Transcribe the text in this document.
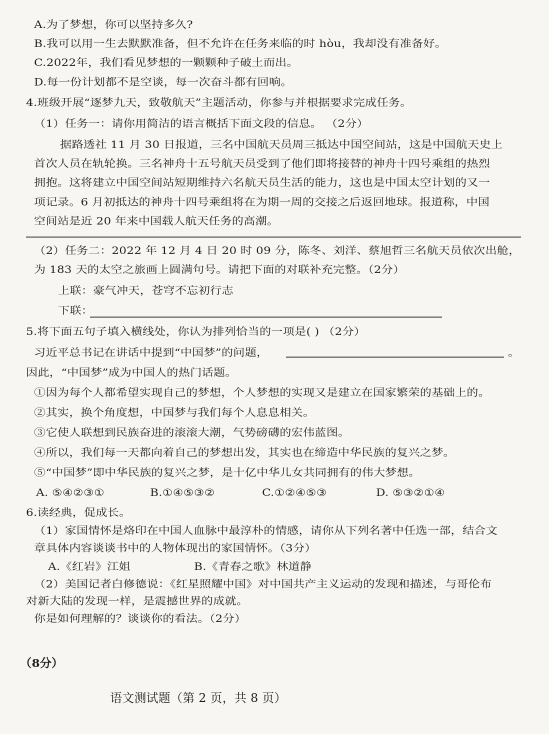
A.为了梦想，你可以坚持多久?
B.我可以用一生去默默准备，但不允许在任务来临的时 hòu，我却没有准备好。
C.2022年，我们看见梦想的一颗颗种子破土而出。
D.每一份计划都不是空谈，每一次奋斗都有回响。
4.班级开展“逐梦九天，致敬航天”主题活动，你参与并根据要求完成任务。
（1）任务一：请你用简洁的语言概括下面文段的信息。 （2分）
据路透社 11 月 30 日报道，三名中国航天员周三抵达中国空间站，这是中国航天史上
首次人员在轨轮换。三名神舟十五号航天员受到了他们即将接替的神舟十四号乘组的热烈
拥抱。这将建立中国空间站短期维持六名航天员生活的能力，这也是中国太空计划的又一
项记录。6 月初抵达的神舟十四号乘组将在为期一周的交接之后返回地球。报道称，中国
空间站是近 20 年来中国载人航天任务的高潮。
（2）任务二：2022 年 12 月 4 日 20 时 09 分，陈冬、刘洋、蔡旭哲三名航天员依次出舱，
为 183 天的太空之旅画上圆满句号。请把下面的对联补充完整。（2分）
上联：豪气冲天，苍穹不忘初行志
下联：
5.将下面五句子填入横线处，你认为排列恰当的一项是( ) （2分）
习近平总书记在讲话中提到“中国梦”的问题，	。
因此，“中国梦”成为中国人的热门话题。
①因为每个人都希望实现自己的梦想，个人梦想的实现又是建立在国家繁荣的基础上的。
②其实，换个角度想，中国梦与我们每个人息息相关。
③它使人联想到民族奋进的滚滚大潮，气势磅礴的宏伟蓝图。
④所以，我们每一天都向着自己的梦想出发，其实也在缔造中华民族的复兴之梦。
⑤“中国梦”即中华民族的复兴之梦，是十亿中华儿女共同拥有的伟大梦想。
A. ⑤④②③①	B.①④⑤③②	C.①②④⑤③	D. ⑤③②①④
6.读经典，促成长。
（1）家国情怀是烙印在中国人血脉中最淳朴的情感，请你从下列名著中任选一部，结合文
章具体内容谈谈书中的人物体现出的家国情怀。（3分）
A.《红岩》江姐	B.《青春之歌》林道静
（2）美国记者白修德说：《红星照耀中国》对中国共产主义运动的发现和描述，与哥伦布
对新大陆的发现一样，是震撼世界的成就。
你是如何理解的？谈谈你的看法。（2分）
（8分）
语文测试题（第 2 页，共 8 页）
